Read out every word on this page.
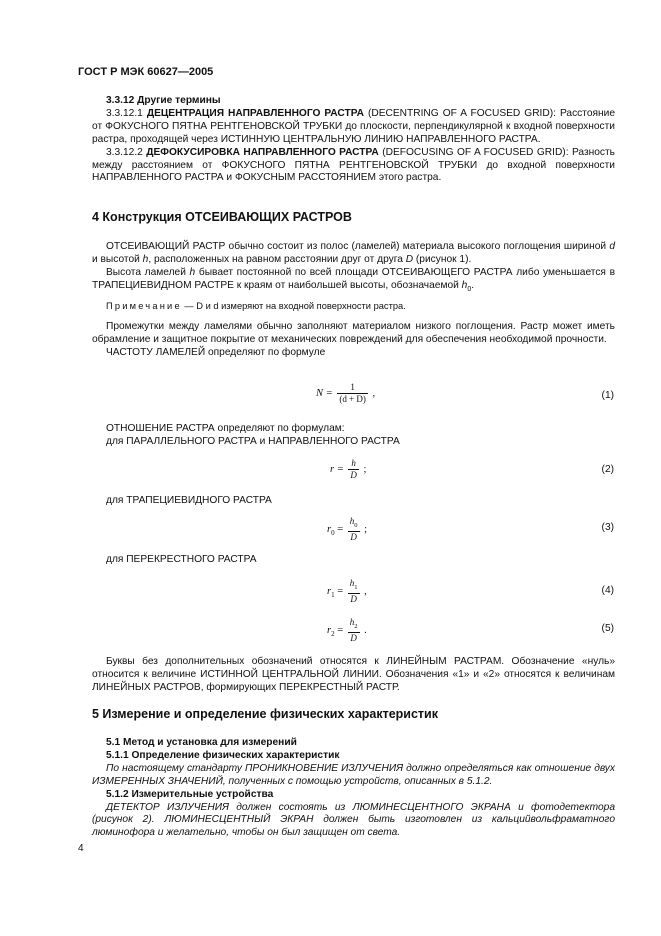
ГОСТ Р МЭК 60627—2005
3.3.12 Другие термины
3.3.12.1 ДЕЦЕНТРАЦИЯ НАПРАВЛЕННОГО РАСТРА (DECENTRING OF A FOCUSED GRID): Расстояние от ФОКУСНОГО ПЯТНА РЕНТГЕНОВСКОЙ ТРУБКИ до плоскости, перпендикулярной к входной поверхности растра, проходящей через ИСТИННУЮ ЦЕНТРАЛЬНУЮ ЛИНИЮ НАПРАВЛЕННОГО РАСТРА.
3.3.12.2 ДЕФОКУСИРОВКА НАПРАВЛЕННОГО РАСТРА (DEFOCUSING OF A FOCUSED GRID): Разность между расстоянием от ФОКУСНОГО ПЯТНА РЕНТГЕНОВСКОЙ ТРУБКИ до входной поверхности НАПРАВЛЕННОГО РАСТРА и ФОКУСНЫМ РАССТОЯНИЕМ этого растра.
4 Конструкция ОТСЕИВАЮЩИХ РАСТРОВ
ОТСЕИВАЮЩИЙ РАСТР обычно состоит из полос (ламелей) материала высокого поглощения шириной d и высотой h, расположенных на равном расстоянии друг от друга D (рисунок 1).
Высота ламелей h бывает постоянной по всей площади ОТСЕИВАЮЩЕГО РАСТРА либо уменьшается в ТРАПЕЦИЕВИДНОМ РАСТРЕ к краям от наибольшей высоты, обозначаемой $h_0$.
Примечание — D и d измеряют на входной поверхности растра.
Промежутки между ламелями обычно заполняют материалом низкого поглощения. Растр может иметь обрамление и защитное покрытие от механических повреждений для обеспечения необходимой прочности.
ЧАСТОТУ ЛАМЕЛЕЙ определяют по формуле
$N = \frac{1}{(d + D)}$ ,	(1)
ОТНОШЕНИЕ РАСТРА определяют по формулам:
для ПАРАЛЛЕЛЬНОГО РАСТРА и НАПРАВЛЕННОГО РАСТРА
$r = \frac{h}{D}$ ;	(2)
для ТРАПЕЦИЕВИДНОГО РАСТРА
$r_0 = \frac{h_0}{D}$ ;	(3)
для ПЕРЕКРЕСТНОГО РАСТРА
$r_1 = \frac{h_1}{D}$ ,	(4)
$r_2 = \frac{h_2}{D}$ .	(5)
Буквы без дополнительных обозначений относятся к ЛИНЕЙНЫМ РАСТРАМ. Обозначение «нуль» относится к величине ИСТИННОЙ ЦЕНТРАЛЬНОЙ ЛИНИИ. Обозначения «1» и «2» относятся к величинам ЛИНЕЙНЫХ РАСТРОВ, формирующих ПЕРЕКРЕСТНЫЙ РАСТР.
5 Измерение и определение физических характеристик
5.1 Метод и установка для измерений
5.1.1 Определение физических характеристик
По настоящему стандарту ПРОНИКНОВЕНИЕ ИЗЛУЧЕНИЯ должно определяться как отношение двух ИЗМЕРЕННЫХ ЗНАЧЕНИЙ, полученных с помощью устройств, описанных в 5.1.2.
5.1.2 Измерительные устройства
ДЕТЕКТОР ИЗЛУЧЕНИЯ должен состоять из ЛЮМИНЕСЦЕНТНОГО ЭКРАНА и фотодетектора (рисунок 2). ЛЮМИНЕСЦЕНТНЫЙ ЭКРАН должен быть изготовлен из кальцийвольфраматного люминофора и желательно, чтобы он был защищен от света.
4
